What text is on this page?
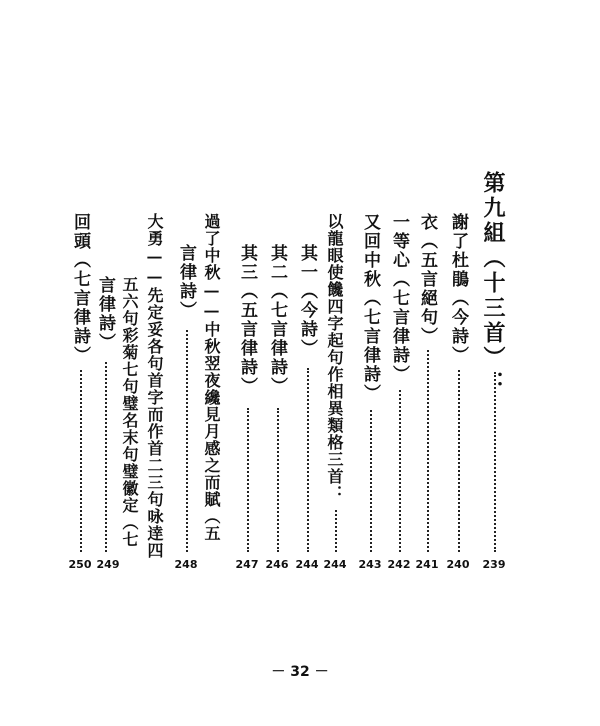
第九組（十三首）：
239
謝了杜鵑（今詩）
240
衣（五言絕句）
241
一等心（七言律詩）
242
又回中秋（七言律詩）
243
以龍眼使饞四字起句作相異類格三首：
244
其一（今詩）
244
其二（七言律詩）
246
其三（五言律詩）
247
過了中秋——中秋翌夜纔見月感之而賦（五
言律詩）
248
大勇——先定妥各句首字而作首二三句咏逹四
五六句彩菊七句璧名末句璧徽定（七
言律詩）
249
回頭（七言律詩）
250
－ 32 －
